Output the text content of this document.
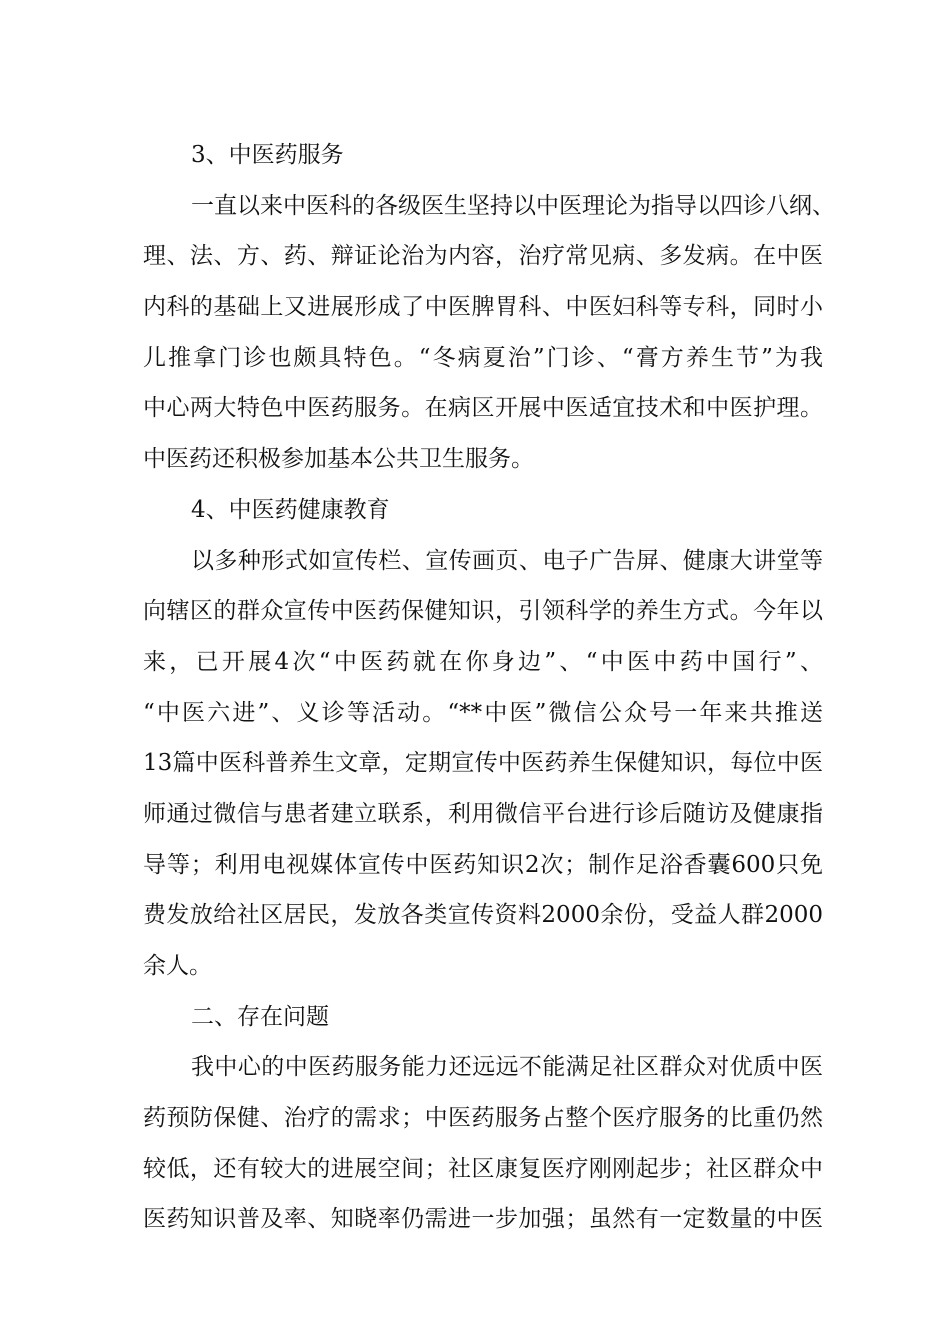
3、中医药服务
一直以来中医科的各级医生坚持以中医理论为指导以四诊八纲、
理、法、方、药、辩证论治为内容，治疗常见病、多发病。在中医
内科的基础上又进展形成了中医脾胃科、中医妇科等专科，同时小
儿推拿门诊也颇具特色。“冬病夏治”门诊、“膏方养生节”为我
中心两大特色中医药服务。在病区开展中医适宜技术和中医护理。
中医药还积极参加基本公共卫生服务。
4、中医药健康教育
以多种形式如宣传栏、宣传画页、电子广告屏、健康大讲堂等
向辖区的群众宣传中医药保健知识，引领科学的养生方式。今年以
来，已开展4次“中医药就在你身边”、“中医中药中国行”、
“中医六进”、义诊等活动。“**中医”微信公众号一年来共推送
13篇中医科普养生文章，定期宣传中医药养生保健知识，每位中医
师通过微信与患者建立联系，利用微信平台进行诊后随访及健康指
导等；利用电视媒体宣传中医药知识2次；制作足浴香囊600只免
费发放给社区居民，发放各类宣传资料2000余份，受益人群2000
余人。
二、存在问题
我中心的中医药服务能力还远远不能满足社区群众对优质中医
药预防保健、治疗的需求；中医药服务占整个医疗服务的比重仍然
较低，还有较大的进展空间；社区康复医疗刚刚起步；社区群众中
医药知识普及率、知晓率仍需进一步加强；虽然有一定数量的中医
